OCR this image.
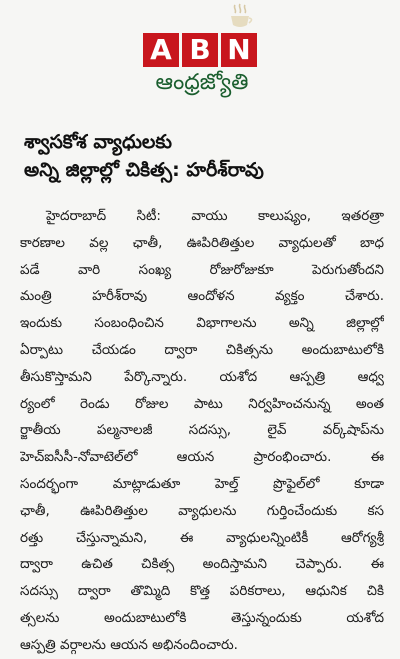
A B N
ఆంధ్రజ్యోతి
శ్వాసకోశ వ్యాధులకు
అన్ని జిల్లాల్లో చికిత్స: హరీశ్‌రావు
హైదరాబాద్ సిటీ: వాయు కాలుష్యం, ఇతరత్రా
కారణాల వల్ల ఛాతీ, ఊపిరితిత్తుల వ్యాధులతో బాధ
పడే వారి సంఖ్య రోజురోజుకూ పెరుగుతోందని
మంత్రి హరీశ్‌రావు ఆందోళన వ్యక్తం చేశారు.
ఇందుకు సంబంధించిన విభాగాలను అన్ని జిల్లాల్లో
ఏర్పాటు చేయడం ద్వారా చికిత్సను అందుబాటులోకి
తీసుకొస్తామని పేర్కొన్నారు. యశోద ఆస్పత్రి ఆధ్వ
ర్యంలో రెండు రోజుల పాటు నిర్వహించనున్న అంత
ర్జాతీయ పల్మనాలజీ సదస్సు, లైవ్ వర్క్‌షాప్‌ను
హెచ్‌ఐసీసీ-నోవాటెల్‌లో ఆయన ప్రారంభించారు. ఈ
సందర్భంగా మాట్లాడుతూ హెల్త్ ప్రొఫైల్‌లో కూడా
ఛాతీ, ఊపిరితిత్తుల వ్యాధులను గుర్తించేందుకు కస
రత్తు చేస్తున్నామని, ఈ వ్యాధులన్నింటికీ ఆరోగ్యశ్రీ
ద్వారా ఉచిత చికిత్స అందిస్తామని చెప్పారు. ఈ
సదస్సు ద్వారా తొమ్మిది కొత్త పరికరాలు, ఆధునిక చికి
త్సలను అందుబాటులోకి తెస్తున్నందుకు యశోద
ఆస్పత్రి వర్గాలను ఆయన అభినందించారు.
